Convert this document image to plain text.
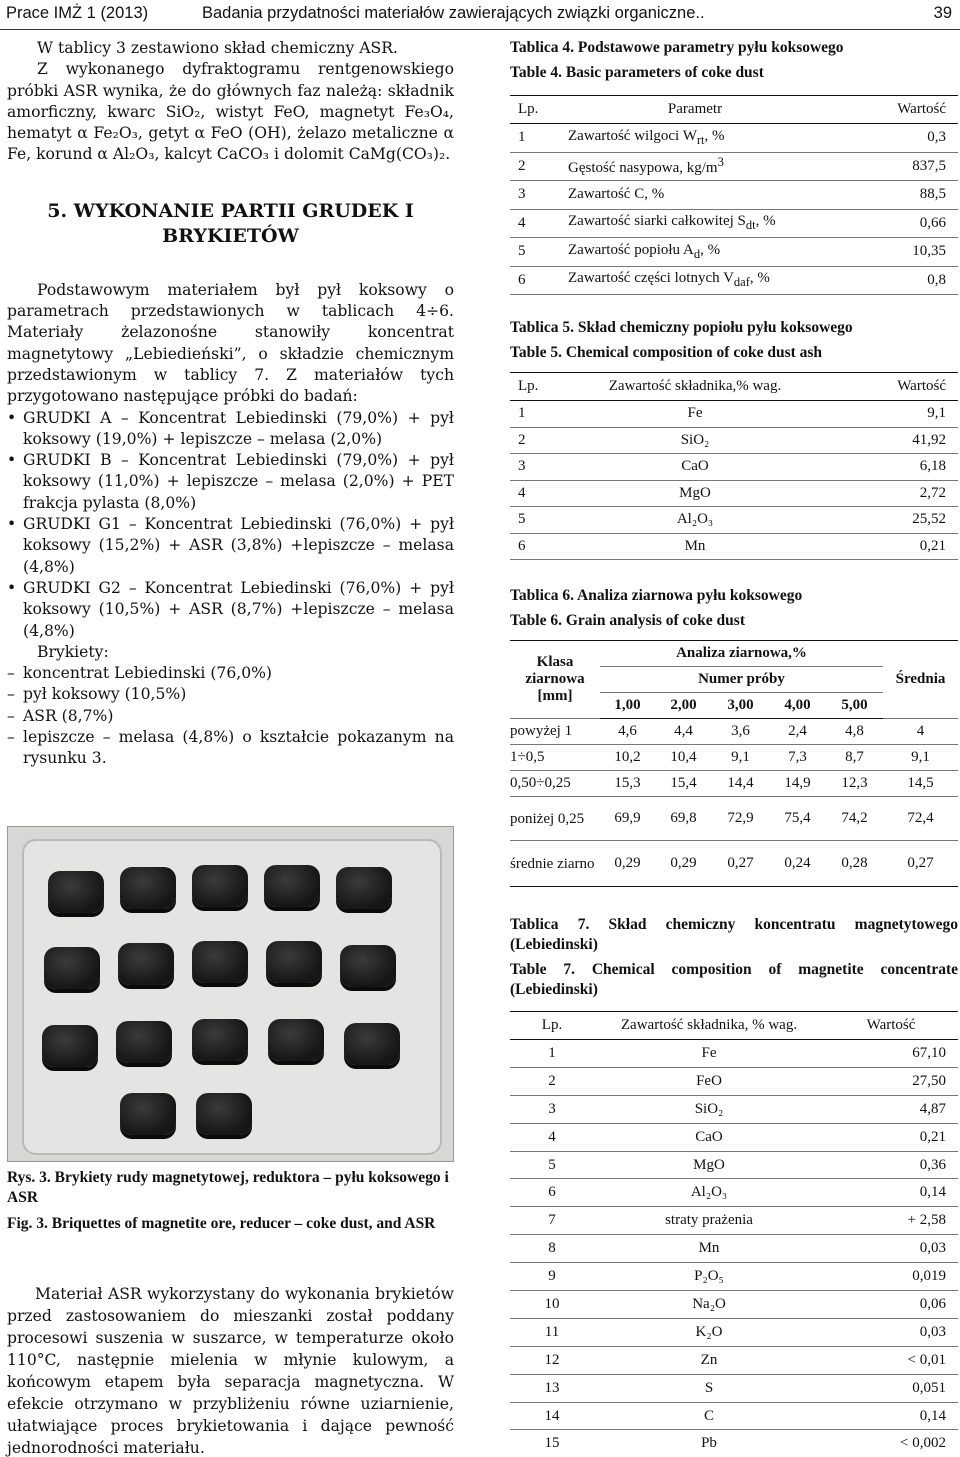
Prace IMŻ 1 (2013)	Badania przydatności materiałów zawierających związki organiczne..	39

W tablicy 3 zestawiono skład chemiczny ASR.

Z wykonanego dyfraktogramu rentgenowskiego próbki ASR wynika, że do głównych faz należą: składnik amorficzny, kwarc SiO₂, wistyt FeO, magnetyt Fe₃O₄, hematyt α Fe₂O₃, getyt α FeO (OH), żelazo metaliczne α Fe, korund α Al₂O₃, kalcyt CaCO₃ i dolomit CaMg(CO₃)₂.

5. WYKONANIE PARTII GRUDEK I BRYKIETÓW

Podstawowym materiałem był pył koksowy o parametrach przedstawionych w tablicach 4÷6. Materiały żelazonośne stanowiły koncentrat magnetytowy „Lebiedieński”, o składzie chemicznym przedstawionym w tablicy 7. Z materiałów tych przygotowano następujące próbki do badań:

• GRUDKI A – Koncentrat Lebiedinski (79,0%) + pył koksowy (19,0%) + lepiszcze – melasa (2,0%)
• GRUDKI B – Koncentrat Lebiedinski (79,0%) + pył koksowy (11,0%) + lepiszcze – melasa (2,0%) + PET frakcja pylasta (8,0%)
• GRUDKI G1 – Koncentrat Lebiedinski (76,0%) + pył koksowy (15,2%) + ASR (3,8%) +lepiszcze – melasa (4,8%)
• GRUDKI G2 – Koncentrat Lebiedinski (76,0%) + pył koksowy (10,5%) + ASR (8,7%) +lepiszcze – melasa (4,8%)

Brykiety:

– koncentrat Lebiedinski (76,0%)
– pył koksowy (10,5%)
– ASR (8,7%)
– lepiszcze – melasa (4,8%) o kształcie pokazanym na rysunku 3.

Rys. 3. Brykiety rudy magnetytowej, reduktora – pyłu koksowego i ASR

Fig. 3. Briquettes of magnetite ore, reducer – coke dust, and ASR

Materiał ASR wykorzystany do wykonania brykietów przed zastosowaniem do mieszanki został poddany procesowi suszenia w suszarce, w temperaturze około 110°C, następnie mielenia w młynie kulowym, a końcowym etapem była separacja magnetyczna. W efekcie otrzymano w przybliżeniu równe uziarnienie, ułatwiające proces brykietowania i dające pewność jednorodności materiału.

Tablica 4. Podstawowe parametry pyłu koksowego

Table 4. Basic parameters of coke dust

Lp.	Parametr	Wartość
1	Zawartość wilgoci $W_{rt}$, %	0,3
2	Gęstość nasypowa, $kg/m^3$	837,5
3	Zawartość C, %	88,5
4	Zawartość siarki całkowitej $S_{dt}$, %	0,66
5	Zawartość popiołu $A_d$, %	10,35
6	Zawartość części lotnych $V_{daf}$, %	0,8

Tablica 5. Skład chemiczny popiołu pyłu koksowego

Table 5. Chemical composition of coke dust ash

Lp.	Zawartość składnika,% wag.	Wartość
1	Fe	9,1
2	SiO₂	41,92
3	CaO	6,18
4	MgO	2,72
5	Al₂O₃	25,52
6	Mn	0,21

Tablica 6. Analiza ziarnowa pyłu koksowego

Table 6. Grain analysis of coke dust

Klasa ziarnowa [mm]	Analiza ziarnowa,%					Średnia
	Numer próby					
	1,00	2,00	3,00	4,00	5,00	
powyżej 1	4,6	4,4	3,6	2,4	4,8	4
1÷0,5	10,2	10,4	9,1	7,3	8,7	9,1
0,50÷0,25	15,3	15,4	14,4	14,9	12,3	14,5
poniżej 0,25	69,9	69,8	72,9	75,4	74,2	72,4
średnie ziarno	0,29	0,29	0,27	0,24	0,28	0,27

Tablica 7. Skład chemiczny koncentratu magnetytowego (Lebiedinski)

Table 7. Chemical composition of magnetite concentrate (Lebiedinski)

Lp.	Zawartość składnika, % wag.	Wartość
1	Fe	67,10
2	FeO	27,50
3	SiO₂	4,87
4	CaO	0,21
5	MgO	0,36
6	Al₂O₃	0,14
7	straty prażenia	+ 2,58
8	Mn	0,03
9	P₂O₅	0,019
10	Na₂O	0,06
11	K₂O	0,03
12	Zn	< 0,01
13	S	0,051
14	C	0,14
15	Pb	< 0,002
